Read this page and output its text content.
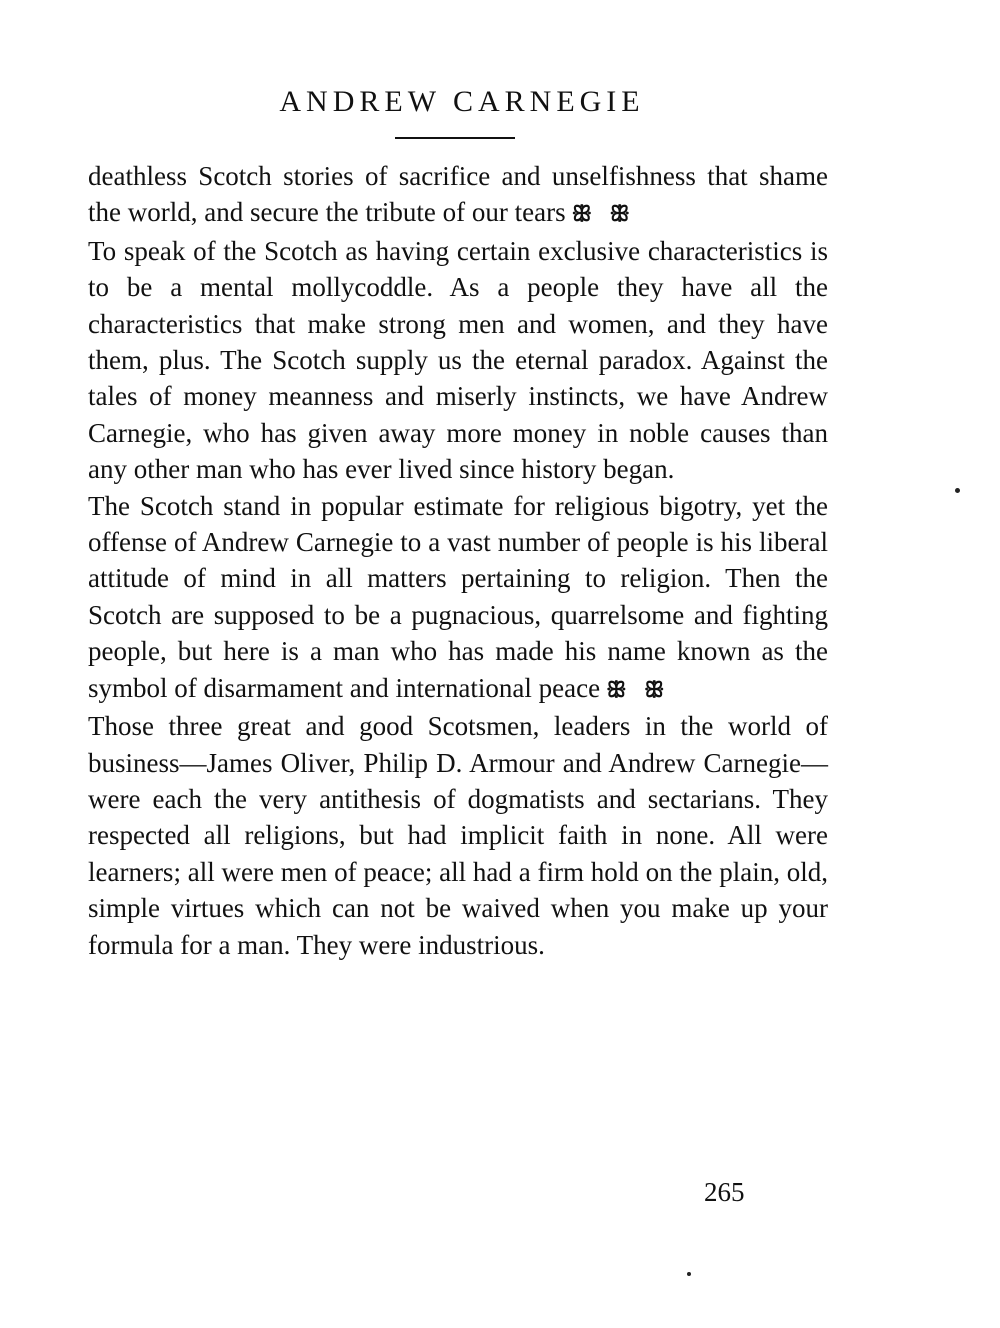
ANDREW CARNEGIE

deathless Scotch stories of sacrifice and unselfishness that shame the world, and secure the tribute of our tears ꕥ ꕥ

To speak of the Scotch as having certain exclusive characteristics is to be a mental mollycoddle. As a people they have all the characteristics that make strong men and women, and they have them, plus. The Scotch supply us the eternal paradox. Against the tales of money meanness and miserly instincts, we have Andrew Carnegie, who has given away more money in noble causes than any other man who has ever lived since history began.

The Scotch stand in popular estimate for religious bigotry, yet the offense of Andrew Carnegie to a vast number of people is his liberal attitude of mind in all matters pertaining to religion. Then the Scotch are supposed to be a pugnacious, quarrelsome and fighting people, but here is a man who has made his name known as the symbol of disarmament and international peace ꕥ ꕥ

Those three great and good Scotsmen, leaders in the world of business—James Oliver, Philip D. Armour and Andrew Carnegie—were each the very antithesis of dogmatists and sectarians. They respected all religions, but had implicit faith in none. All were learners; all were men of peace; all had a firm hold on the plain, old, simple virtues which can not be waived when you make up your formula for a man. They were industrious.

265
